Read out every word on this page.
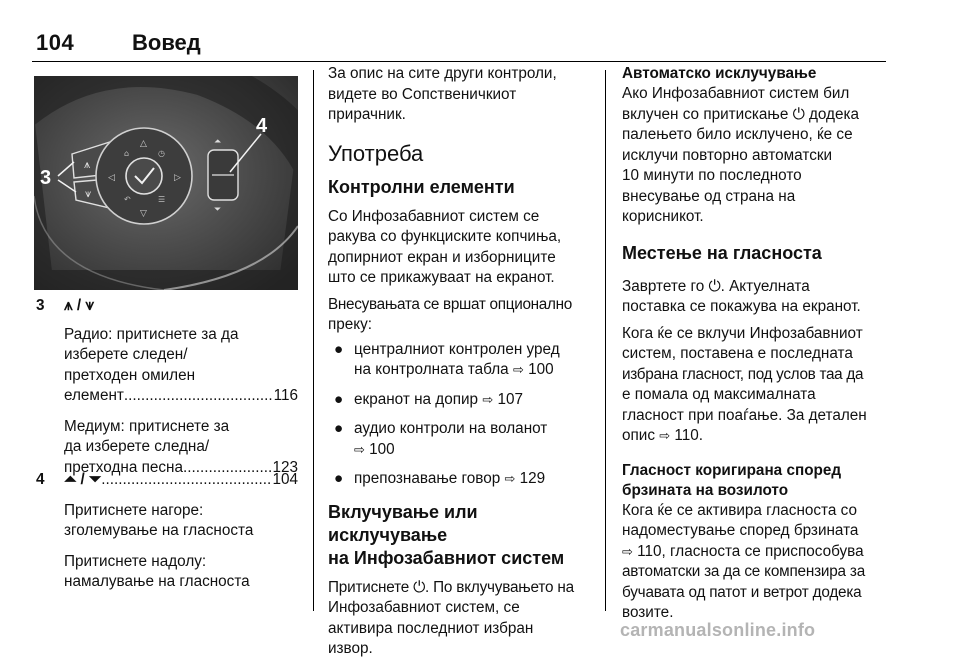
104	Вовед
⩚
⩛
△
▽
◁	▷
⌂	◷
↶	☰
⏶
⏷
3
4
3 ⩚ / ⩛
Радио: притиснете за да
изберете следен/
претходен омилен
елемент .....	116
Медиум: притиснете за
да изберете следна/
претходна песна .....	123
4 ⏶ / ⏷ .....	104
Притиснете нагоре:
зголемување на гласноста
Притиснете надолу:
намалување на гласноста

За опис на сите други контроли,

видете во Сопственичкиот

прирачник.

Употреба
Контролни елементи

Со Инфозабавниот систем се

ракува со функциските копчиња,

допирниот екран и изборниците

што се прикажуваат на екранот.

Внесувањата се вршат опционално

преку:

● централниот контролен уред
на контролната табла ⇨ 100
● екранот на допир ⇨ 107
● аудио контроли на воланот
⇨ 100
● препознавање говор ⇨ 129
Вклучување или исклучување
на Инфозабавниот систем

Притиснете ⏻. По вклучувањето на

Инфозабавниот систем, се

активира последниот избран

извор.

Автоматско исклучување

Ако Инфозабавниот систем бил

вклучен со притискање ⏻ додека

палењето било исклучено, ќе се

исклучи повторно автоматски

10 минути по последното

внесување од страна на

корисникот.

Местење на гласноста

Завртете го ⏻. Актуелната

поставка се покажува на екранот.

Кога ќе се вклучи Инфозабавниот

систем, поставена е последната

избрана гласност, под услов таа да

е помала од максималната

гласност при поаѓање. За детален

опис ⇨ 110.

Гласност коригирана според
брзината на возилото

Кога ќе се активира гласноста со

надоместување според брзината

⇨ 110, гласноста се приспособува

автоматски за да се компензира за

бучавата од патот и ветрот додека

возите.

carmanualsonline.info
